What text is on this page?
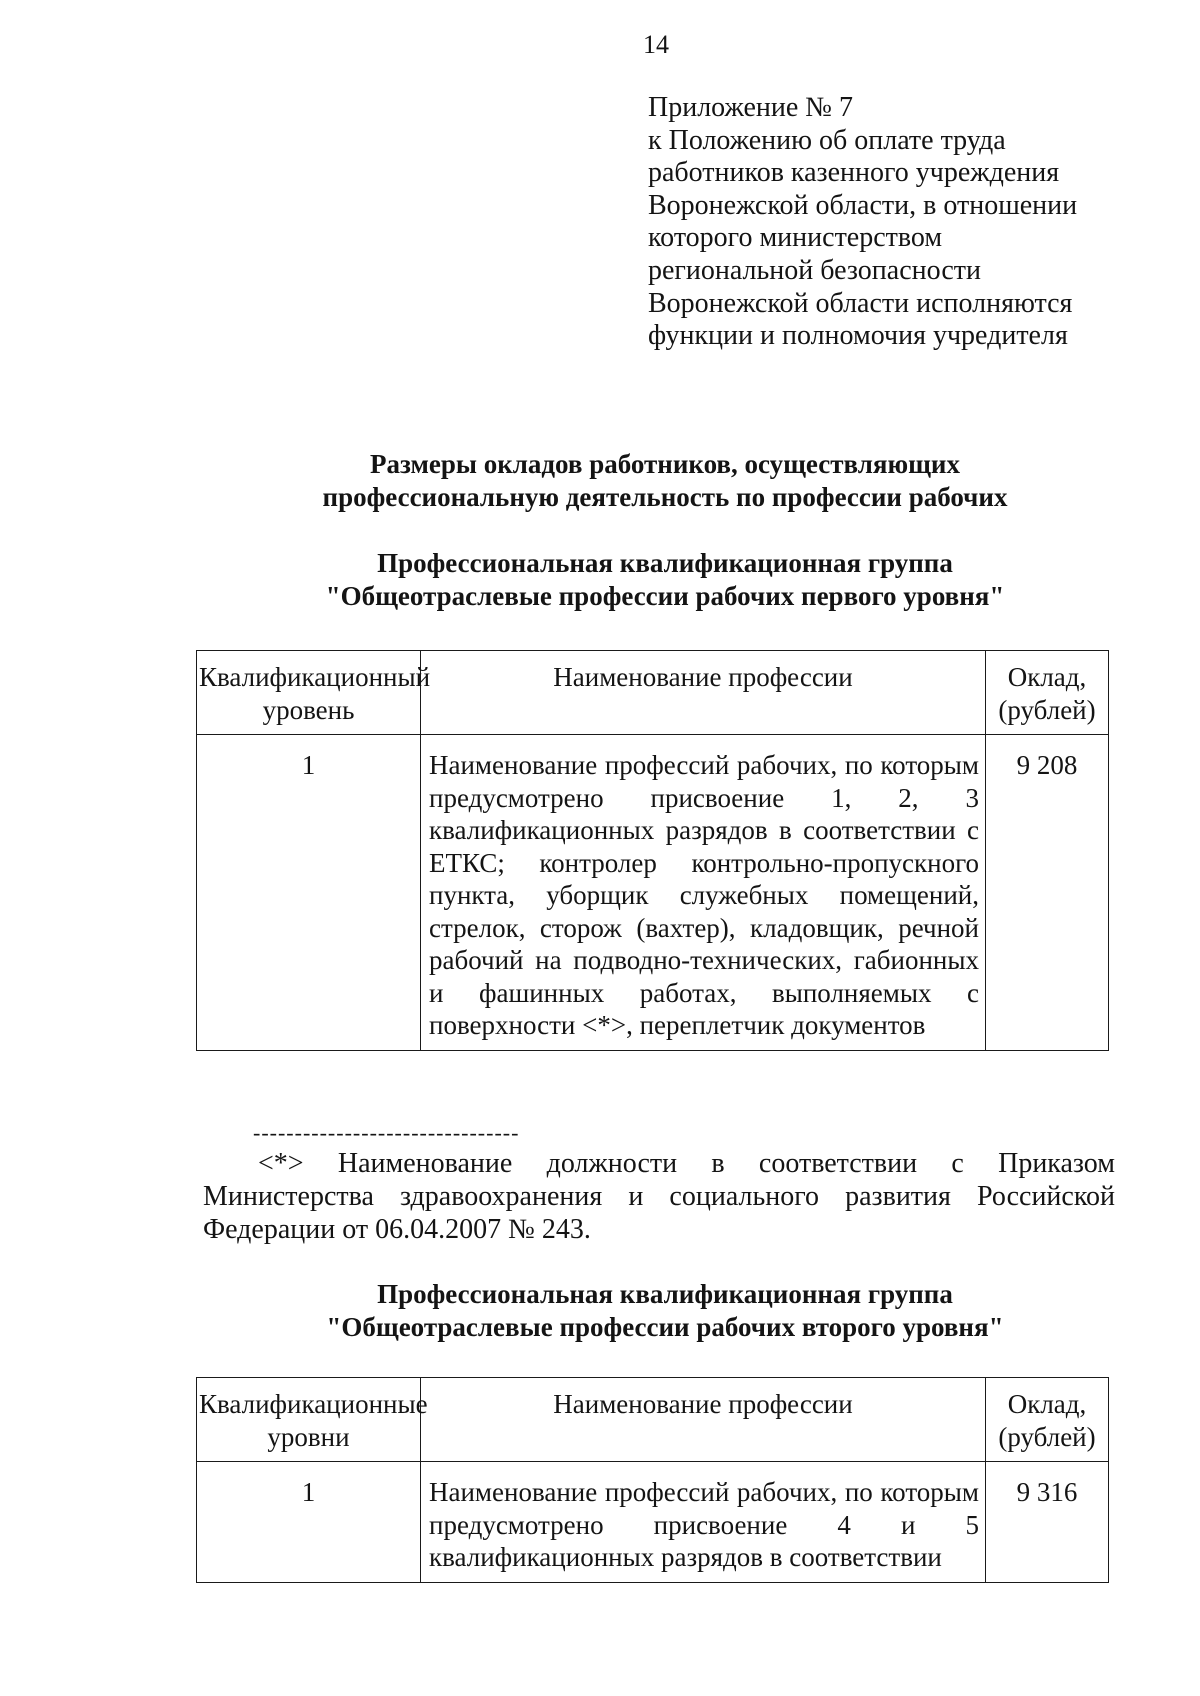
14
Приложение № 7
к Положению об оплате труда
работников казенного учреждения
Воронежской области, в отношении
которого министерством
региональной безопасности
Воронежской области исполняются
функции и полномочия учредителя
Размеры окладов работников, осуществляющих
профессиональную деятельность по профессии рабочих
Профессиональная квалификационная группа
"Общеотраслевые профессии рабочих первого уровня"
Квалификационный уровень	Наименование профессии	Оклад, (рублей)
1	Наименование профессий рабочих, по которым предусмотрено присвоение 1, 2, 3 квалификационных разрядов в соответствии с ЕТКС; контролер контрольно-пропускного пункта, уборщик служебных помещений, стрелок, сторож (вахтер), кладовщик, речной рабочий на подводно-технических, габионных и фашинных работах, выполняемых с поверхности <*>, переплетчик документов	9 208
--------------------------------
<*> Наименование должности в соответствии с Приказом Министерства здравоохранения и социального развития Российской Федерации от 06.04.2007 № 243.
Профессиональная квалификационная группа
"Общеотраслевые профессии рабочих второго уровня"
Квалификационные уровни	Наименование профессии	Оклад, (рублей)
1	Наименование профессий рабочих, по которым предусмотрено присвоение 4 и 5 квалификационных разрядов в соответствии	9 316
